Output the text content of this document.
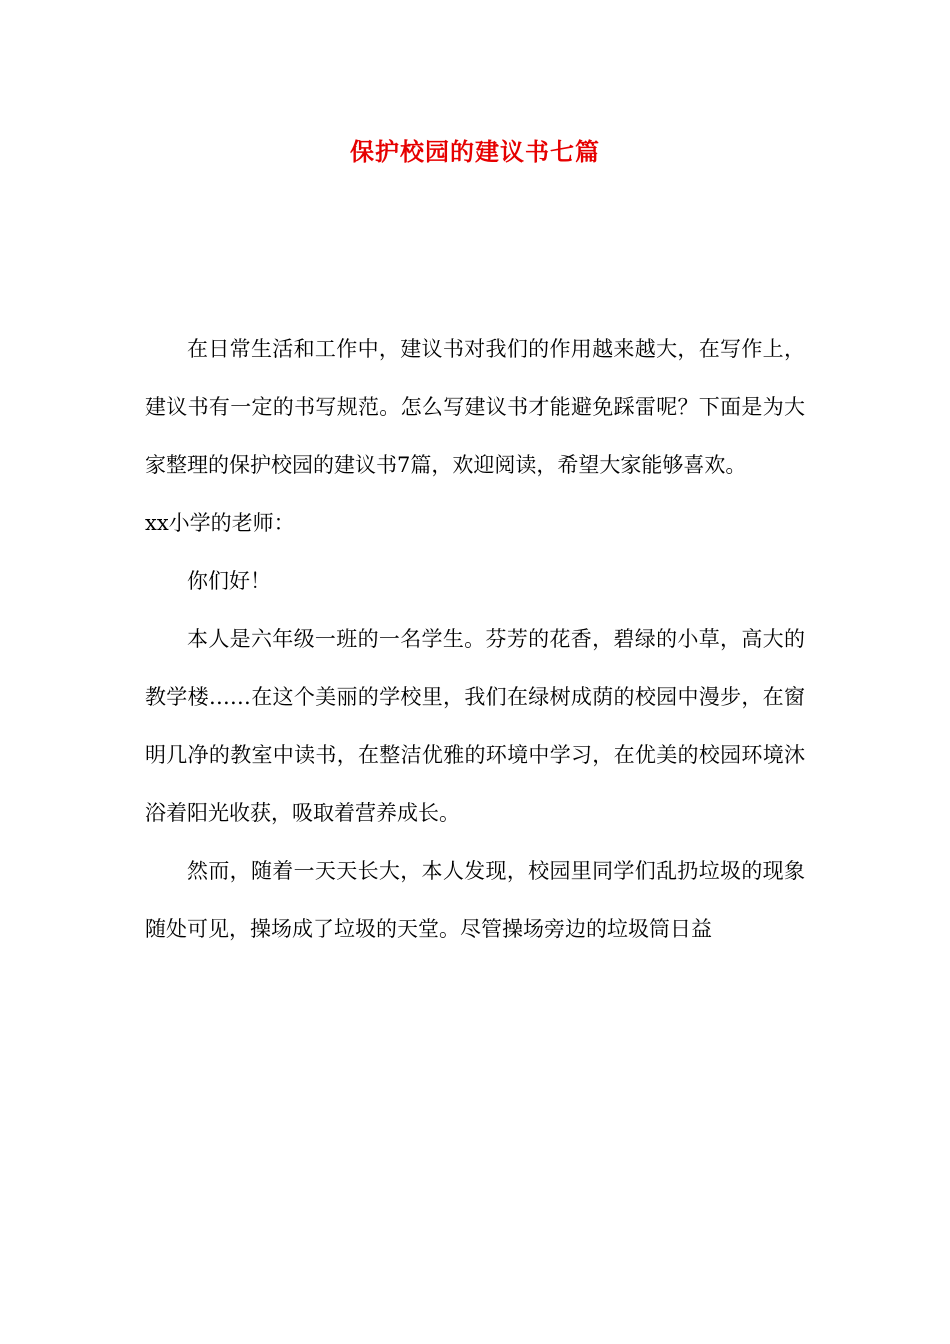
保护校园的建议书七篇

在日常生活和工作中，建议书对我们的作用越来越大，在写作上，建议书有一定的书写规范。怎么写建议书才能避免踩雷呢？下面是为大家整理的保护校园的建议书7篇，欢迎阅读，希望大家能够喜欢。

xx小学的老师：

你们好！

本人是六年级一班的一名学生。芬芳的花香，碧绿的小草，高大的教学楼……在这个美丽的学校里，我们在绿树成荫的校园中漫步，在窗明几净的教室中读书，在整洁优雅的环境中学习，在优美的校园环境沐浴着阳光收获，吸取着营养成长。

然而，随着一天天长大，本人发现，校园里同学们乱扔垃圾的现象随处可见，操场成了垃圾的天堂。尽管操场旁边的垃圾筒日益
